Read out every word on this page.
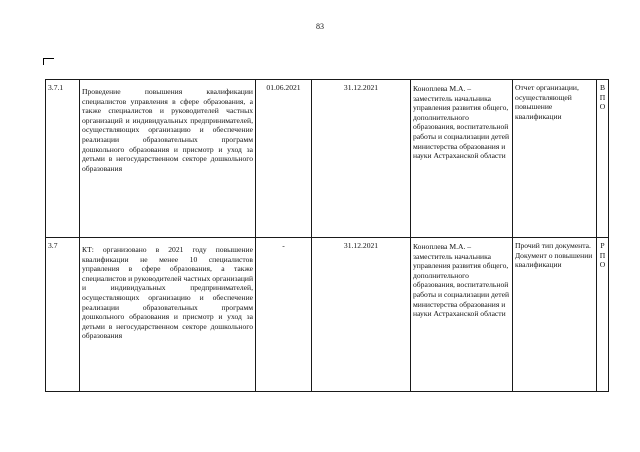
83
3.7.1	Проведение повышения квалификации специалистов управления в сфере образования, а также специалистов и руководителей частных организаций и индивидуальных предпринимателей, осуществляющих организацию и обеспечение реализации образовательных программ дошкольного образования и присмотр и уход за детьми в негосударственном секторе дошкольного образования	01.06.2021	31.12.2021	Коноплева М.А. – заместитель начальника управления развития общего, дополнительного образования, воспитательной работы и социализации детей министерства образования и науки Астраханской области	Отчет организации, осуществляющей повышение квалификации	ВПО
3.7	КТ: организовано в 2021 году повышение квалификации не менее 10 специалистов управления в сфере образования, а также специалистов и руководителей частных организаций и индивидуальных предпринимателей, осуществляющих организацию и обеспечение реализации образовательных программ дошкольного образования и присмотр и уход за детьми в негосударственном секторе дошкольного образования	-	31.12.2021	Коноплева М.А. – заместитель начальника управления развития общего, дополнительного образования, воспитательной работы и социализации детей министерства образования и науки Астраханской области	Прочий тип документа. Документ о повышении квалификации	РПО
